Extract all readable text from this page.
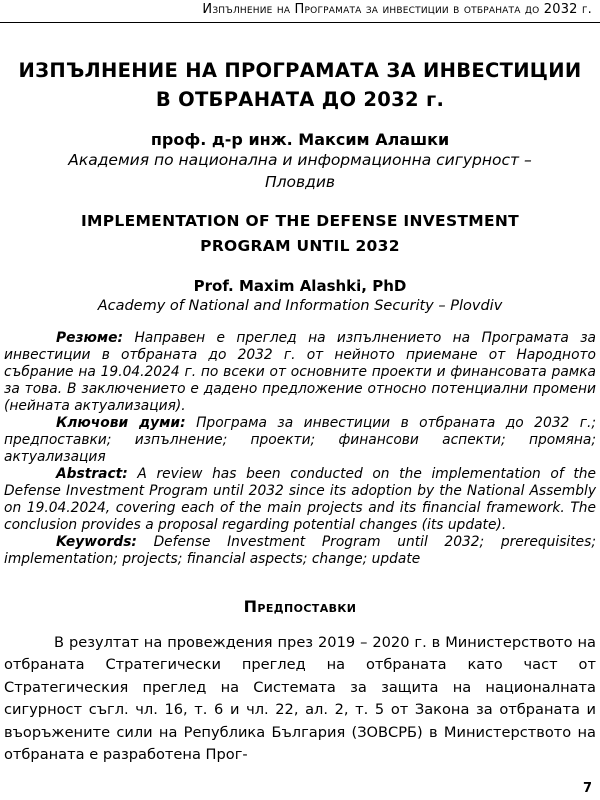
Изпълнение на Програмата за инвестиции в отбраната до 2032 г.
ИЗПЪЛНЕНИЕ НА ПРОГРАМАТА ЗА ИНВЕСТИЦИИ
В ОТБРАНАТА ДО 2032 г.
проф. д-р инж. Максим Алашки
Академия по национална и информационна сигурност –
Пловдив
IMPLEMENTATION OF THE DEFENSE INVESTMENT
PROGRAM UNTIL 2032
Prof. Maxim Alashki, PhD
Academy of National and Information Security – Plovdiv

Резюме: Направен е преглед на изпълнението на Програмата за инвестиции в отбраната до 2032 г. от нейното приемане от Народното събрание на 19.04.2024 г. по всеки от основните проекти и финансовата рамка за това. В заключението е дадено предложение относно потенциални промени (нейната актуализация).

Ключови думи: Програма за инвестиции в отбраната до 2032 г.; предпоставки; изпълнение; проекти; финансови аспекти; промяна; актуализация

Abstract: A review has been conducted on the implementation of the Defense Investment Program until 2032 since its adoption by the National Assembly on 19.04.2024, covering each of the main projects and its financial framework. The conclusion provides a proposal regarding potential changes (its update).

Keywords: Defense Investment Program until 2032; prerequisites; implementation; projects; financial aspects; change; update

Предпоставки

В резултат на провеждения през 2019 – 2020 г. в Министерството на отбраната Стратегически преглед на отбраната като част от Стратегическия преглед на Системата за защита на националната сигурност съгл. чл. 16, т. 6 и чл. 22, ал. 2, т. 5 от Закона за отбраната и въоръжените сили на Република България (ЗОВСРБ) в Министерството на отбраната е разработена Прог-

7
